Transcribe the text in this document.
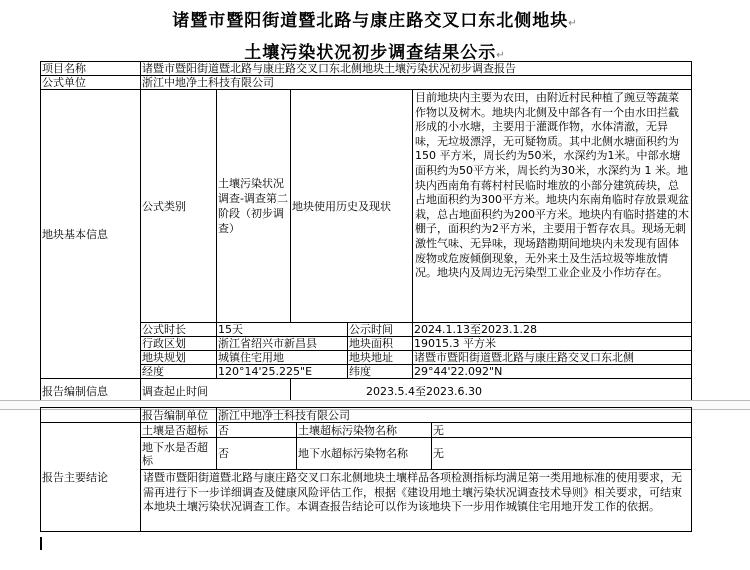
诸暨市暨阳街道暨北路与康庄路交叉口东北侧地块↵
土壤污染状况初步调查结果公示↵
项目名称	诸暨市暨阳街道暨北路与康庄路交叉口东北侧地块土壤污染状况初步调查报告				
公式单位	浙江中地净土科技有限公司				
地块基本信息	公式类别	土壤污染状况调查-调查第二阶段（初步调查）	地块使用历史及现状		目前地块内主要为农田，由附近村民种植了豌豆等蔬菜作物以及树木。地块内北侧及中部各有一个由水田拦截形成的小水塘，主要用于灌溉作物，水体清澈，无异味，无垃圾漂浮，无可疑物质。其中北侧水塘面积约为 150 平方米，周长约为50米，水深约为1米。中部水塘面积约为50平方米，周长约为30米，水深约为 1 米。地块内西南角有蒋村村民临时堆放的小部分建筑砖块，总占地面积约为300平方米。地块内东南角临时存放景观盆栽，总占地面积约为200平方米。地块内有临时搭建的木棚子，面积约为2平方米，主要用于暂存农具。现场无刺激性气味、无异味，现场踏勘期间地块内未发现有固体废物或危废倾倒现象，无外来土及生活垃圾等堆放情况。地块内及周边无污染型工业企业及小作坊存在。
	公式时长	15天		公示时间	2024.1.13至2023.1.28
	行政区划	浙江省绍兴市新昌县		地块面积	19015.3 平方米
	地块规划	城镇住宅用地		地块地址	诸暨市暨阳街道暨北路与康庄路交叉口东北侧
	经度	120°14'25.225"E		纬度	29°44'22.092"N
报告编制信息	调查起止时间		2023.5.4至2023.6.30		
	报告编制单位	浙江中地净土科技有限公司		
报告主要结论	土壤是否超标	否	土壤超标污染物名称	无
	地下水是否超标	否	地下水超标污染物名称	无
	诸暨市暨阳街道暨北路与康庄路交叉口东北侧地块土壤样品各项检测指标均满足第一类用地标准的使用要求，无需再进行下一步详细调查及健康风险评估工作，根据《建设用地土壤污染状况调查技术导则》相关要求，可结束本地块土壤污染状况调查工作。本调查报告结论可以作为该地块下一步用作城镇住宅用地开发工作的依据。			
